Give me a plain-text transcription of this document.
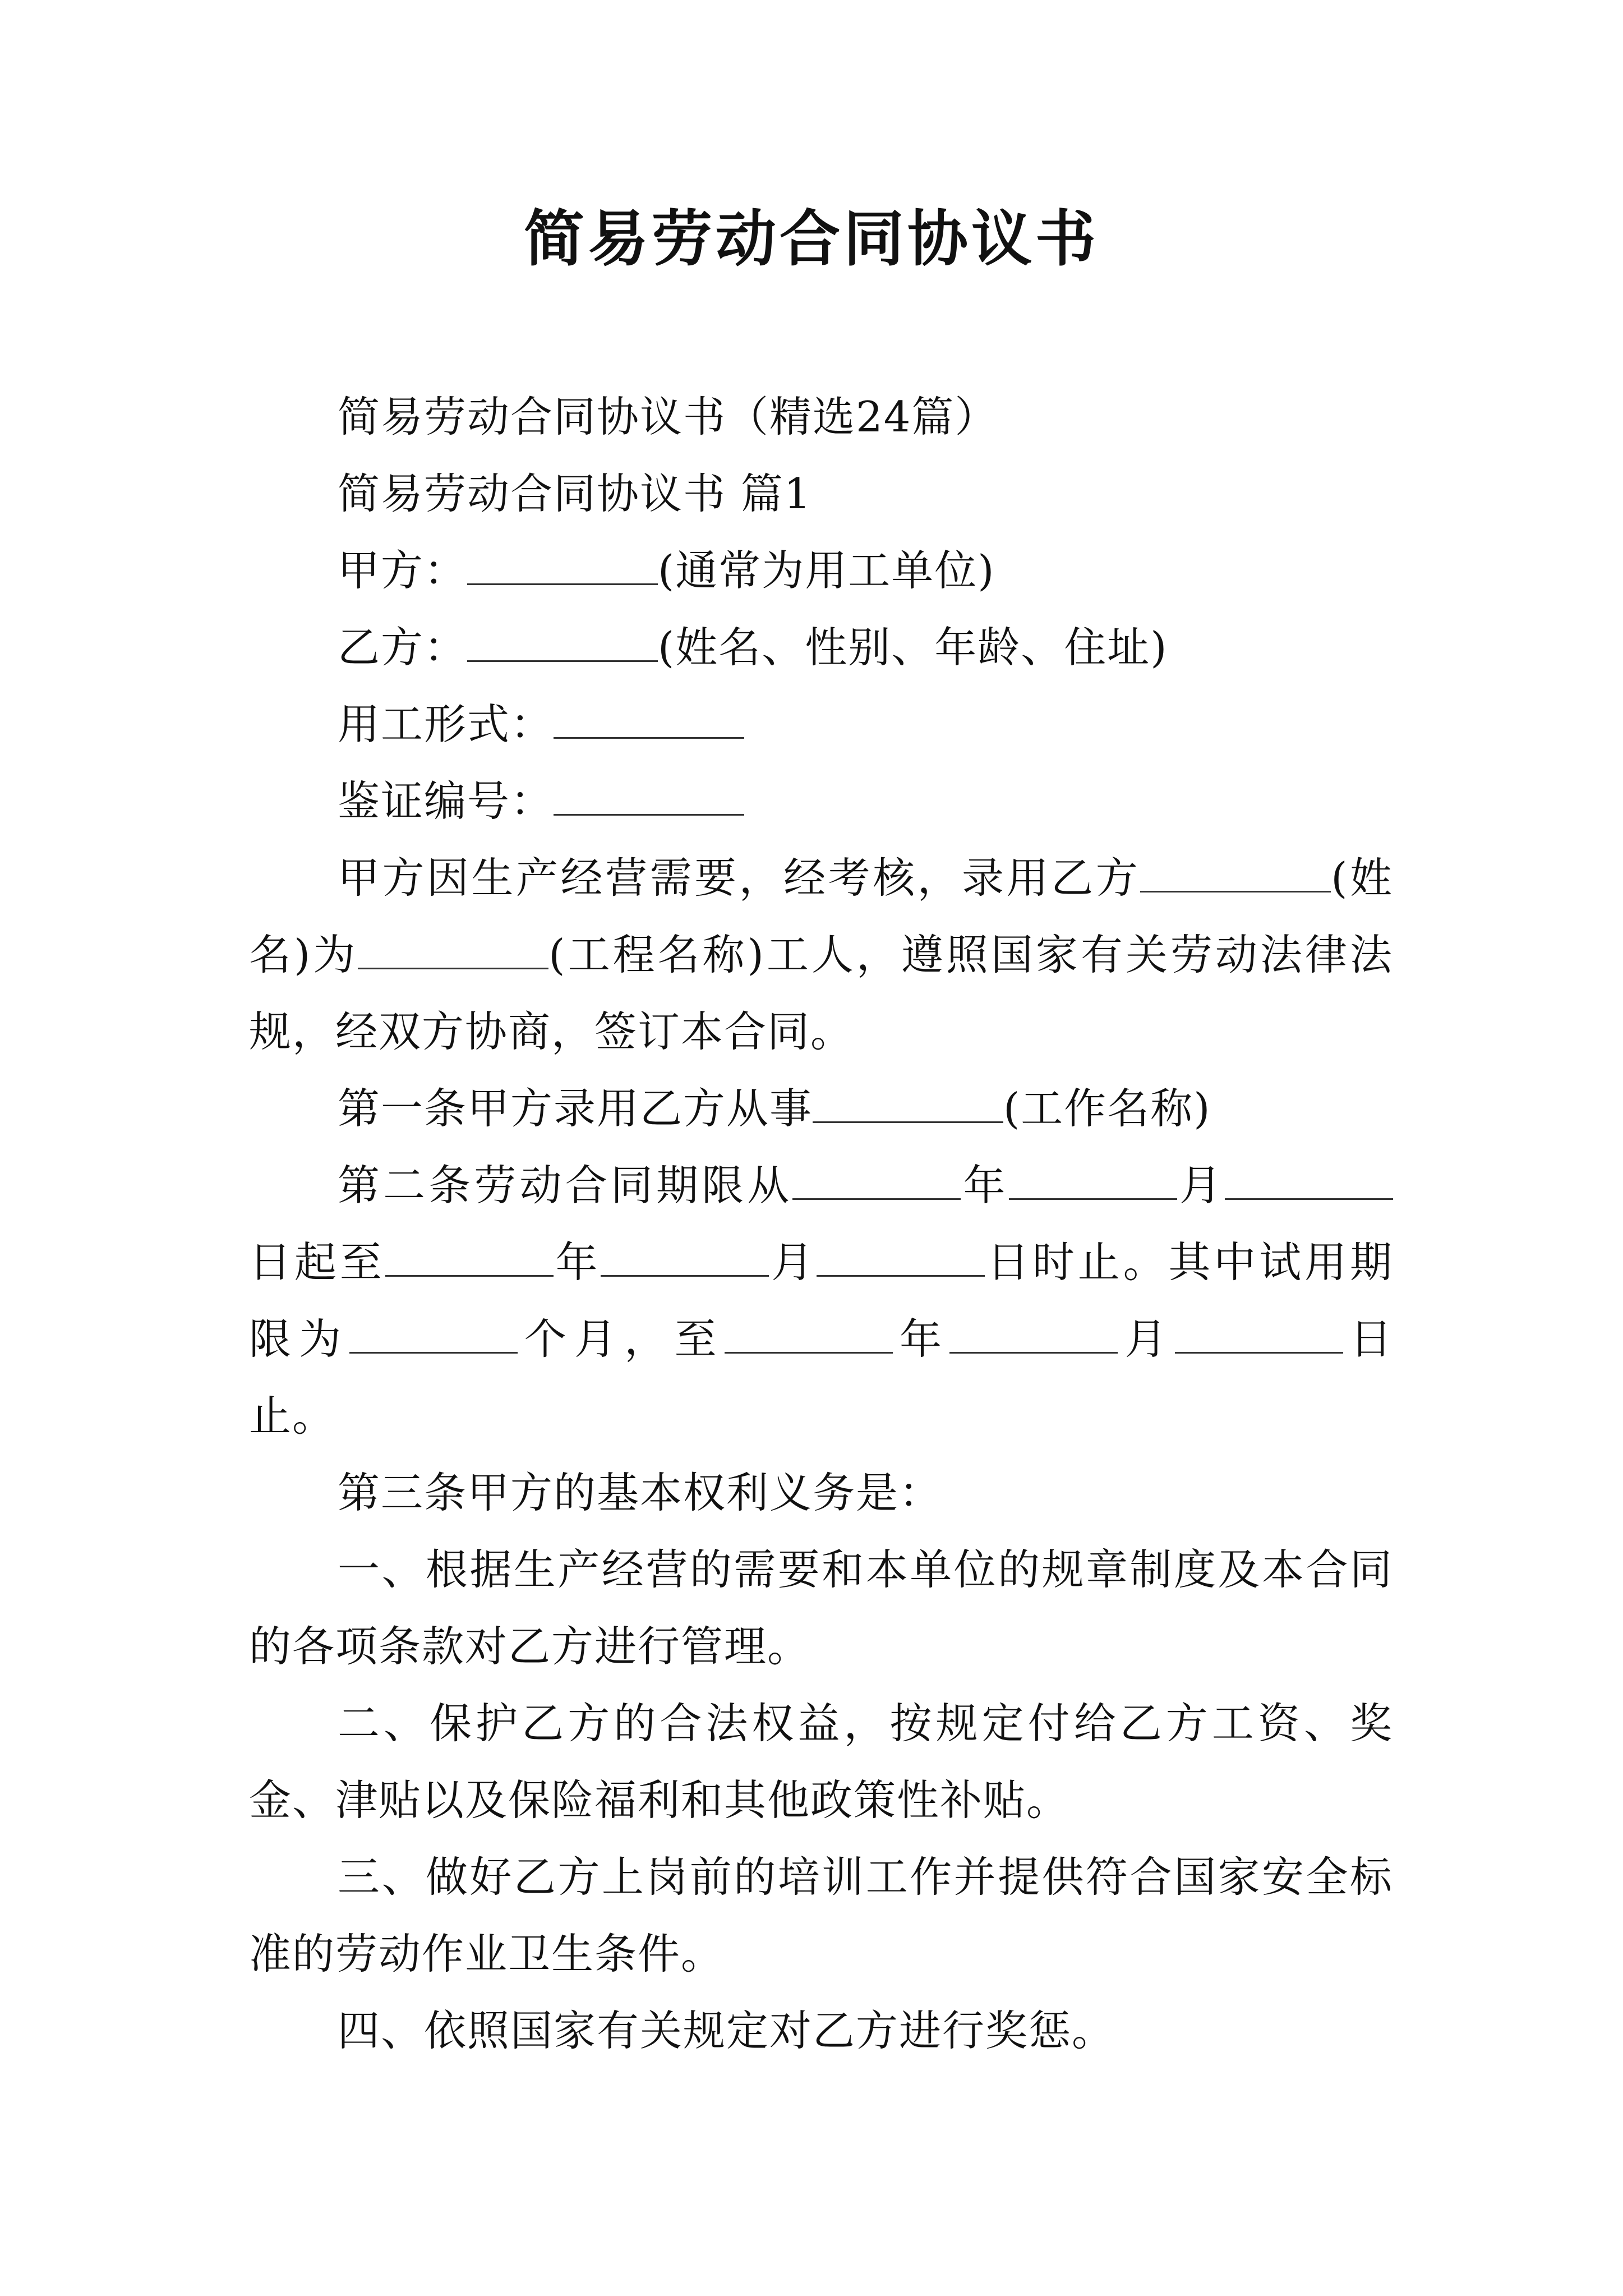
简易劳动合同协议书

简易劳动合同协议书（精选24篇）

简易劳动合同协议书 篇1

甲方：	(通常为用工单位)

乙方：	(姓名、性别、年龄、住址)

用工形式：

鉴证编号：

甲方因生产经营需要，经考核，录用乙方	(姓名)为	(工程名称)工人，遵照国家有关劳动法律法规，经双方协商，签订本合同。

第一条甲方录用乙方从事	(工作名称)

第二条劳动合同期限从	年	月日起至	年	月	日时止。其中试用期限为	个月，至	年	月	日止。

第三条甲方的基本权利义务是：

一、根据生产经营的需要和本单位的规章制度及本合同的各项条款对乙方进行管理。

二、保护乙方的合法权益，按规定付给乙方工资、奖金、津贴以及保险福利和其他政策性补贴。

三、做好乙方上岗前的培训工作并提供符合国家安全标准的劳动作业卫生条件。

四、依照国家有关规定对乙方进行奖惩。
